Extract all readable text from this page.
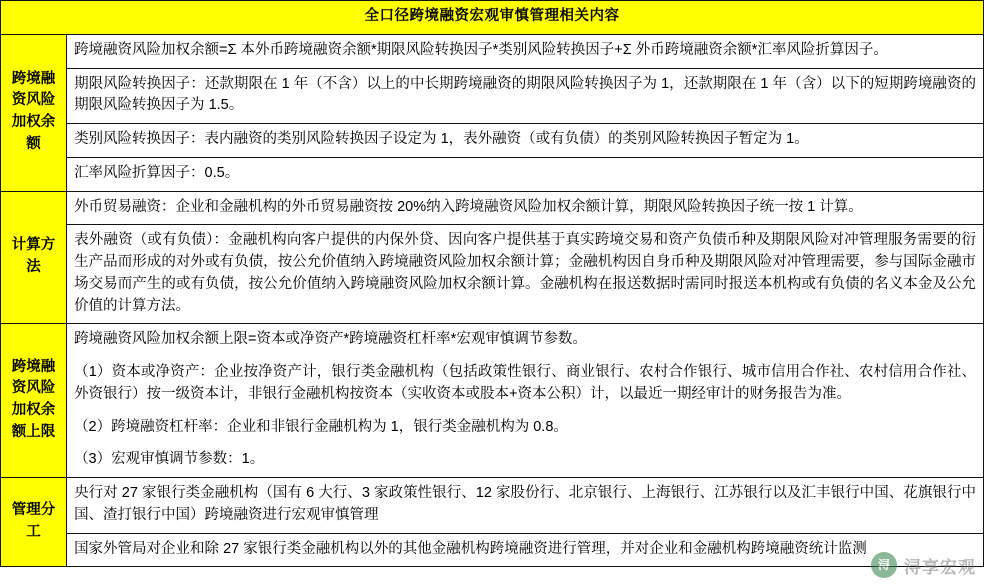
全口径跨境融资宏观审慎管理相关内容	
跨境融资风险加权余额	跨境融资风险加权余额=Σ 本外币跨境融资余额*期限风险转换因子*类别风险转换因子+Σ 外币跨境融资余额*汇率风险折算因子。
	期限风险转换因子：还款期限在 1 年（不含）以上的中长期跨境融资的期限风险转换因子为 1，还款期限在 1 年（含）以下的短期跨境融资的期限风险转换因子为 1.5。
	类别风险转换因子：表内融资的类别风险转换因子设定为 1，表外融资（或有负债）的类别风险转换因子暂定为 1。
	汇率风险折算因子：0.5。
计算方法	外币贸易融资：企业和金融机构的外币贸易融资按 20%纳入跨境融资风险加权余额计算，期限风险转换因子统一按 1 计算。
	表外融资（或有负债）：金融机构向客户提供的内保外贷、因向客户提供基于真实跨境交易和资产负债币种及期限风险对冲管理服务需要的衍生产品而形成的对外或有负债，按公允价值纳入跨境融资风险加权余额计算；金融机构因自身币种及期限风险对冲管理需要，参与国际金融市场交易而产生的或有负债，按公允价值纳入跨境融资风险加权余额计算。金融机构在报送数据时需同时报送本机构或有负债的名义本金及公允价值的计算方法。
跨境融资风险加权余额上限	跨境融资风险加权余额上限=资本或净资产*跨境融资杠杆率*宏观审慎调节参数。
	（1）资本或净资产：企业按净资产计，银行类金融机构（包括政策性银行、商业银行、农村合作银行、城市信用合作社、农村信用合作社、外资银行）按一级资本计，非银行金融机构按资本（实收资本或股本+资本公积）计，以最近一期经审计的财务报告为准。
	（2）跨境融资杠杆率：企业和非银行金融机构为 1，银行类金融机构为 0.8。
	（3）宏观审慎调节参数：1。
管理分工	央行对 27 家银行类金融机构（国有 6 大行、3 家政策性银行、12 家股份行、北京银行、上海银行、江苏银行以及汇丰银行中国、花旗银行中国、渣打银行中国）跨境融资进行宏观审慎管理
	国家外管局对企业和除 27 家银行类金融机构以外的其他金融机构跨境融资进行管理，并对企业和金融机构跨境融资统计监测
浔 浔享宏观
